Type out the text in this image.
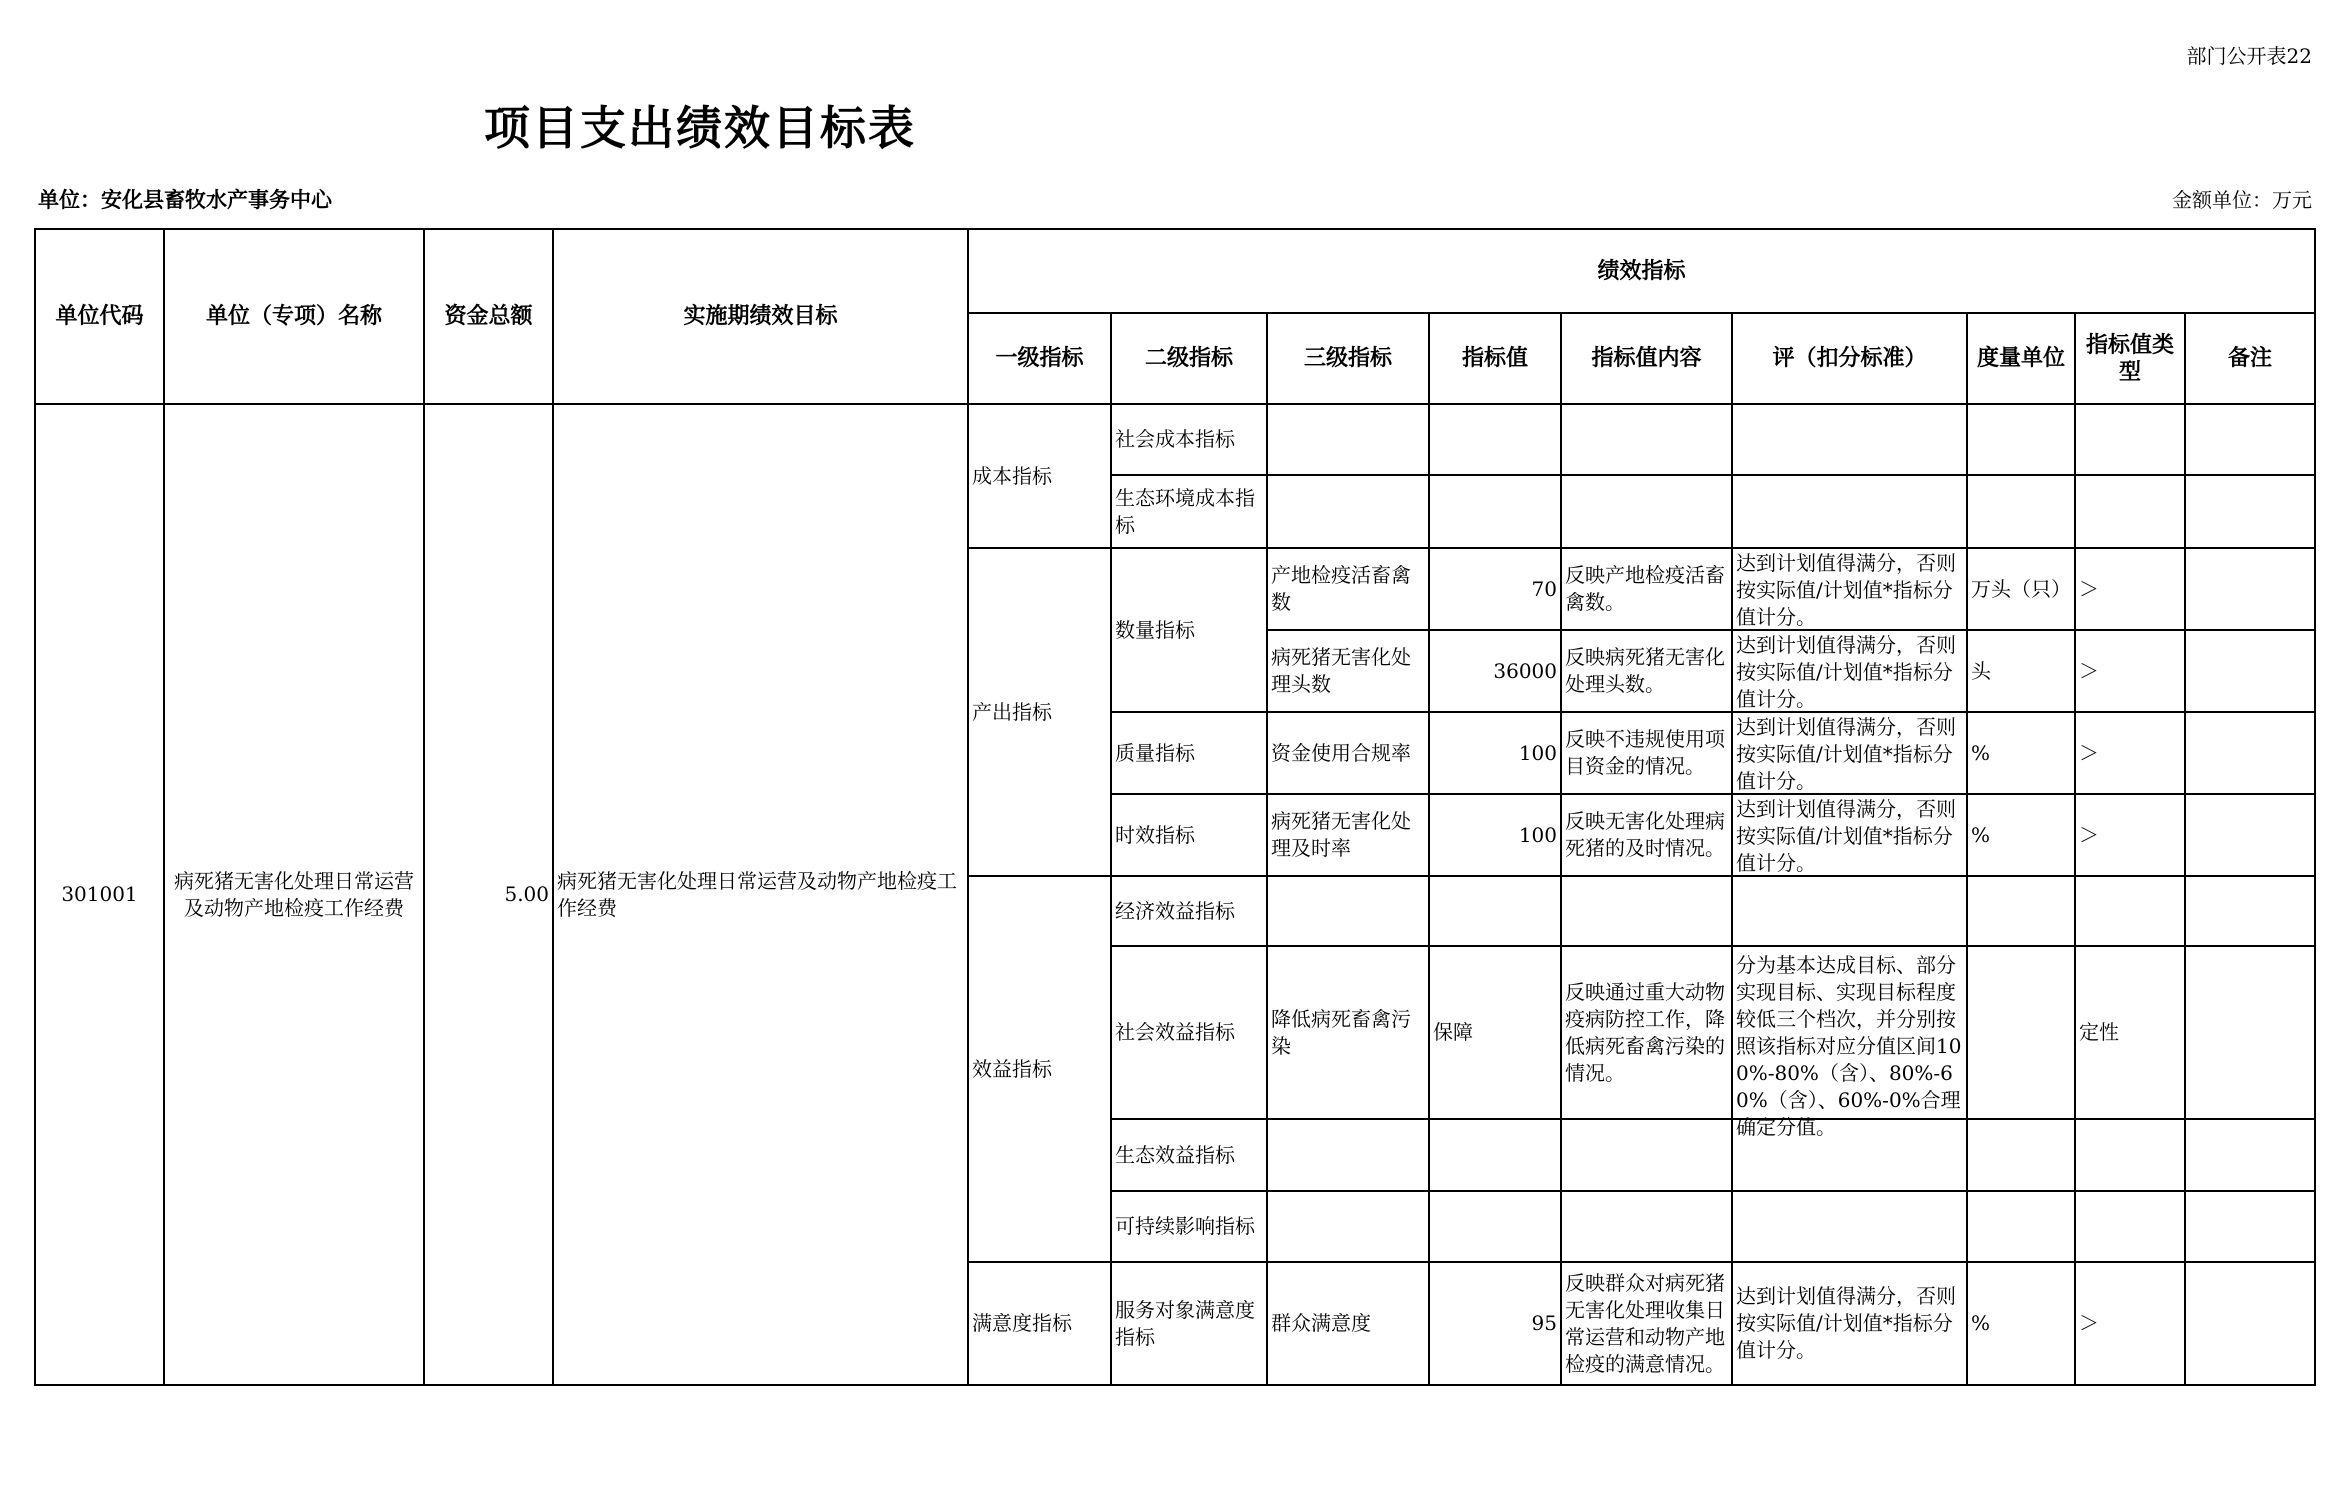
部门公开表22
项目支出绩效目标表
单位：安化县畜牧水产事务中心	金额单位：万元
单位代码	单位（专项）名称	资金总额	实施期绩效目标	绩效指标								
				一级指标	二级指标	三级指标	指标值	指标值内容	评（扣分标准）	度量单位	指标值类型	备注
301001	病死猪无害化处理日常运营及动物产地检疫工作经费	5.00	病死猪无害化处理日常运营及动物产地检疫工作经费	成本指标	社会成本指标							
					生态环境成本指标							
				产出指标	数量指标	产地检疫活畜禽数	70	反映产地检疫活畜禽数。	达到计划值得满分，否则按实际值/计划值*指标分值计分。	万头（只）	＞	
						病死猪无害化处理头数	36000	反映病死猪无害化处理头数。	达到计划值得满分，否则按实际值/计划值*指标分值计分。	头	＞	
					质量指标	资金使用合规率	100	反映不违规使用项目资金的情况。	达到计划值得满分，否则按实际值/计划值*指标分值计分。	%	＞	
					时效指标	病死猪无害化处理及时率	100	反映无害化处理病死猪的及时情况。	达到计划值得满分，否则按实际值/计划值*指标分值计分。	%	＞	
				效益指标	经济效益指标							
					社会效益指标	降低病死畜禽污染	保障	反映通过重大动物疫病防控工作，降低病死畜禽污染的情况。	分为基本达成目标、部分实现目标、实现目标程度较低三个档次，并分别按照该指标对应分值区间100%-80%（含）、80%-60%（含）、60%-0%合理确定分值。		定性	
					生态效益指标							
					可持续影响指标							
				满意度指标	服务对象满意度指标	群众满意度	95	反映群众对病死猪无害化处理收集日常运营和动物产地检疫的满意情况。	达到计划值得满分，否则按实际值/计划值*指标分值计分。	%	＞	
